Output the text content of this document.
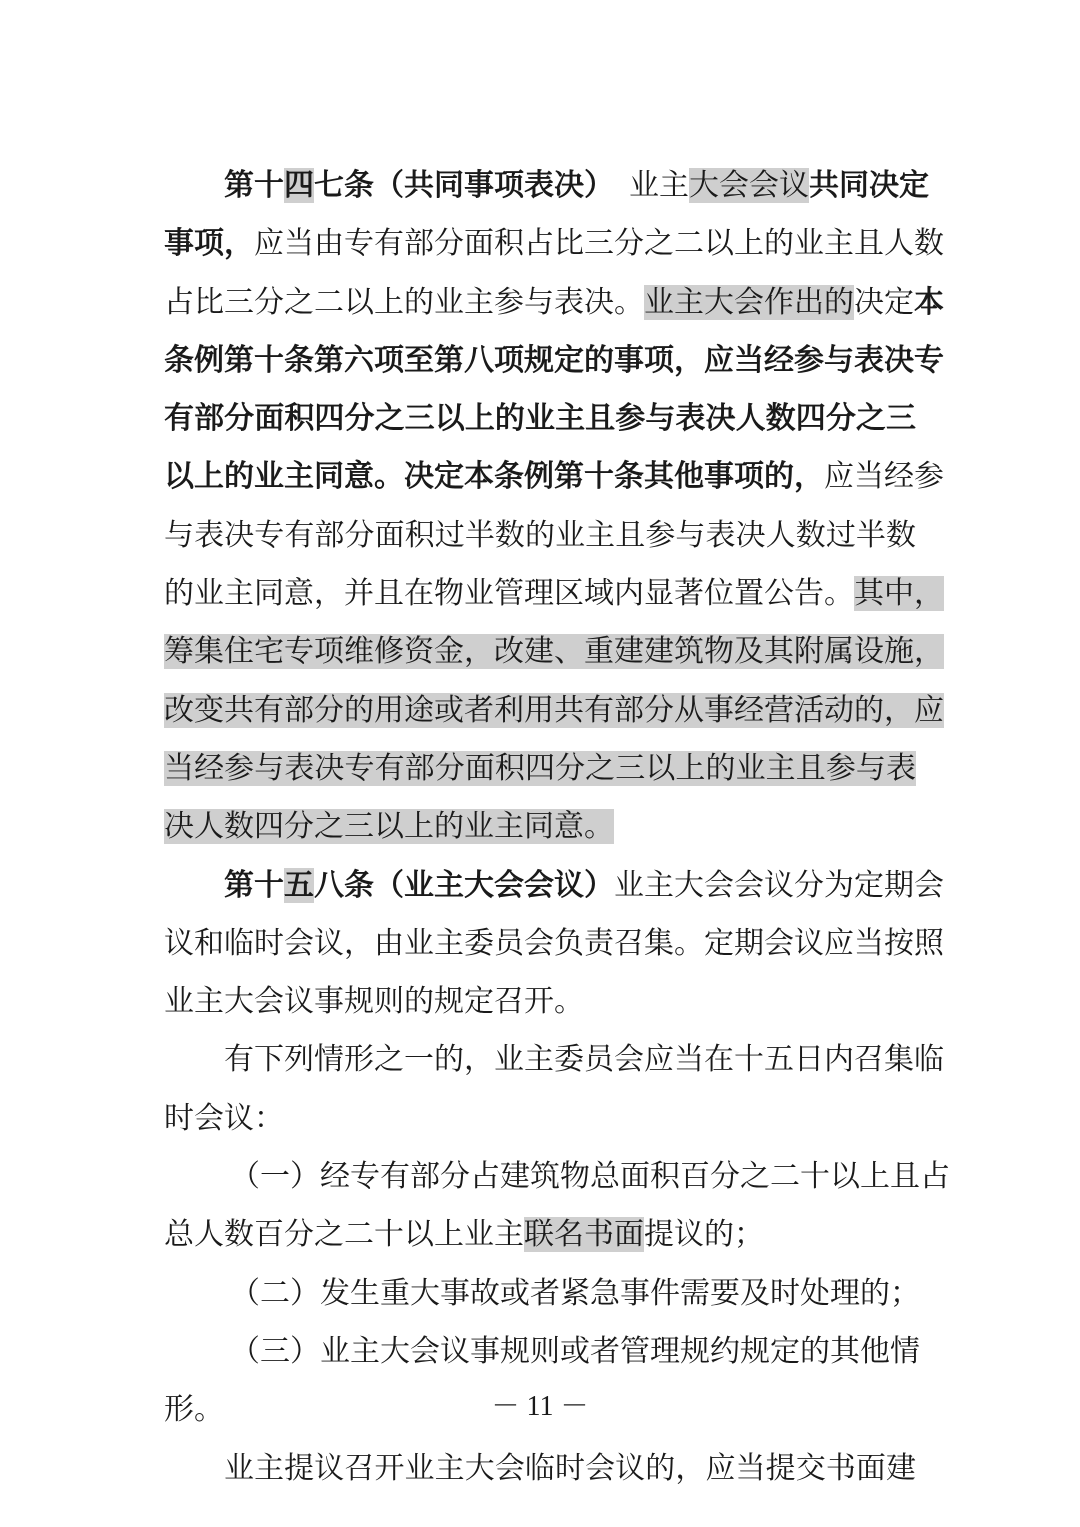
第十四七条（共同事项表决）　业主大会会议共同决定
事项，应当由专有部分面积占比三分之二以上的业主且人数
占比三分之二以上的业主参与表决。业主大会作出的决定本
条例第十条第六项至第八项规定的事项，应当经参与表决专
有部分面积四分之三以上的业主且参与表决人数四分之三
以上的业主同意。决定本条例第十条其他事项的，应当经参
与表决专有部分面积过半数的业主且参与表决人数过半数
的业主同意，并且在物业管理区域内显著位置公告。其中，
筹集住宅专项维修资金，改建、重建建筑物及其附属设施，
改变共有部分的用途或者利用共有部分从事经营活动的，应
当经参与表决专有部分面积四分之三以上的业主且参与表
决人数四分之三以上的业主同意。
第十五八条（业主大会会议）业主大会会议分为定期会
议和临时会议，由业主委员会负责召集。定期会议应当按照
业主大会议事规则的规定召开。
有下列情形之一的，业主委员会应当在十五日内召集临
时会议：
（一）经专有部分占建筑物总面积百分之二十以上且占
总人数百分之二十以上业主联名书面提议的；
（二）发生重大事故或者紧急事件需要及时处理的；
（三）业主大会议事规则或者管理规约规定的其他情
形。
业主提议召开业主大会临时会议的，应当提交书面建
－ 11 －
